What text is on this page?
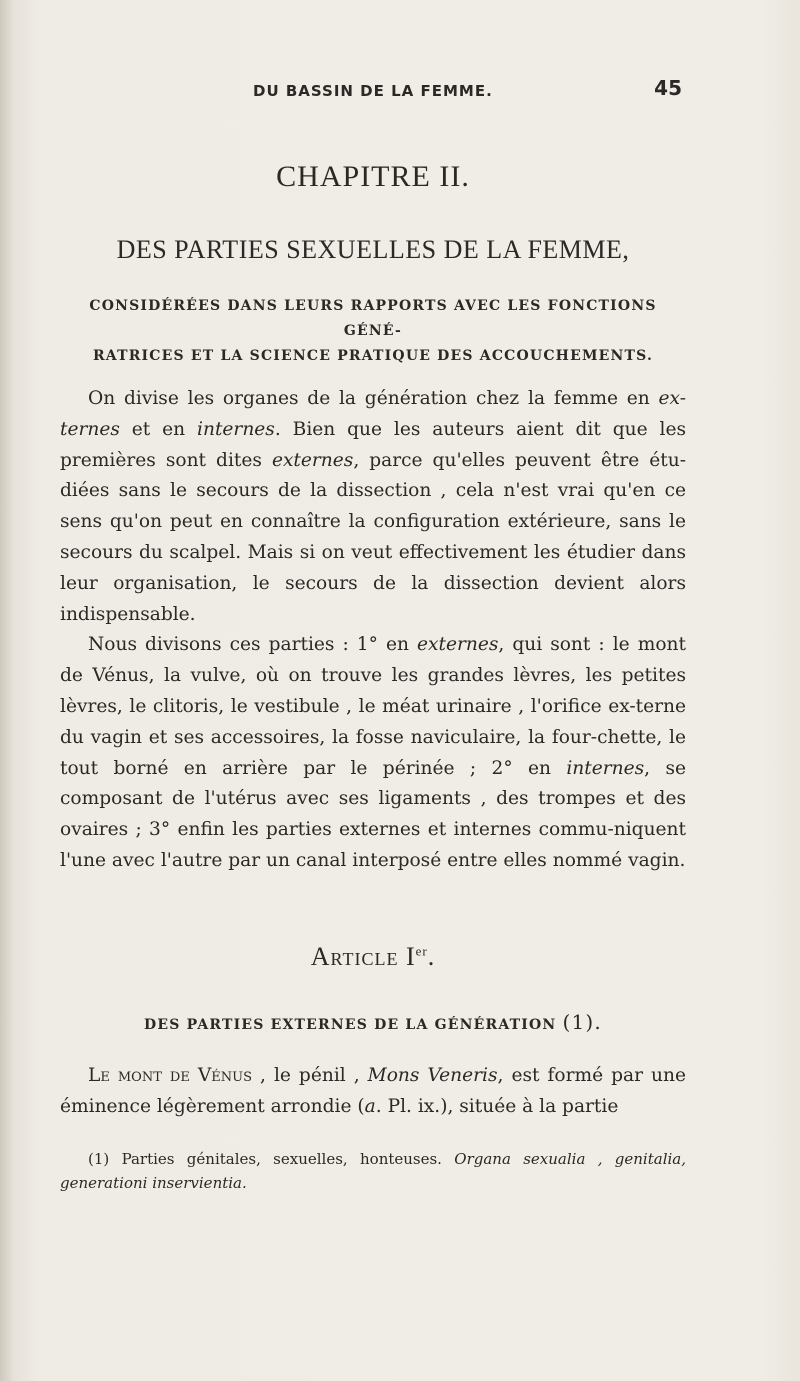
DU BASSIN DE LA FEMME.	45
CHAPITRE II.
DES PARTIES SEXUELLES DE LA FEMME,
CONSIDÉRÉES DANS LEURS RAPPORTS AVEC LES FONCTIONS GÉNÉ-
RATRICES ET LA SCIENCE PRATIQUE DES ACCOUCHEMENTS.

On divise les organes de la génération chez la femme en ex-ternes et en internes. Bien que les auteurs aient dit que les premières sont dites externes, parce qu'elles peuvent être étu-diées sans le secours de la dissection , cela n'est vrai qu'en ce sens qu'on peut en connaître la configuration extérieure, sans le secours du scalpel. Mais si on veut effectivement les étudier dans leur organisation, le secours de la dissection devient alors indispensable.

Nous divisons ces parties : 1° en externes, qui sont : le mont de Vénus, la vulve, où on trouve les grandes lèvres, les petites lèvres, le clitoris, le vestibule , le méat urinaire , l'orifice ex-terne du vagin et ses accessoires, la fosse naviculaire, la four-chette, le tout borné en arrière par le périnée ; 2° en internes, se composant de l'utérus avec ses ligaments , des trompes et des ovaires ; 3° enfin les parties externes et internes commu-niquent l'une avec l'autre par un canal interposé entre elles nommé vagin.

Article Ier.
DES PARTIES EXTERNES DE LA GÉNÉRATION (1).

Le mont de Vénus , le pénil , Mons Veneris, est formé par une éminence légèrement arrondie (a. Pl. ix.), située à la partie

(1) Parties génitales, sexuelles, honteuses. Organa sexualia , genitalia, generationi inservientia.
